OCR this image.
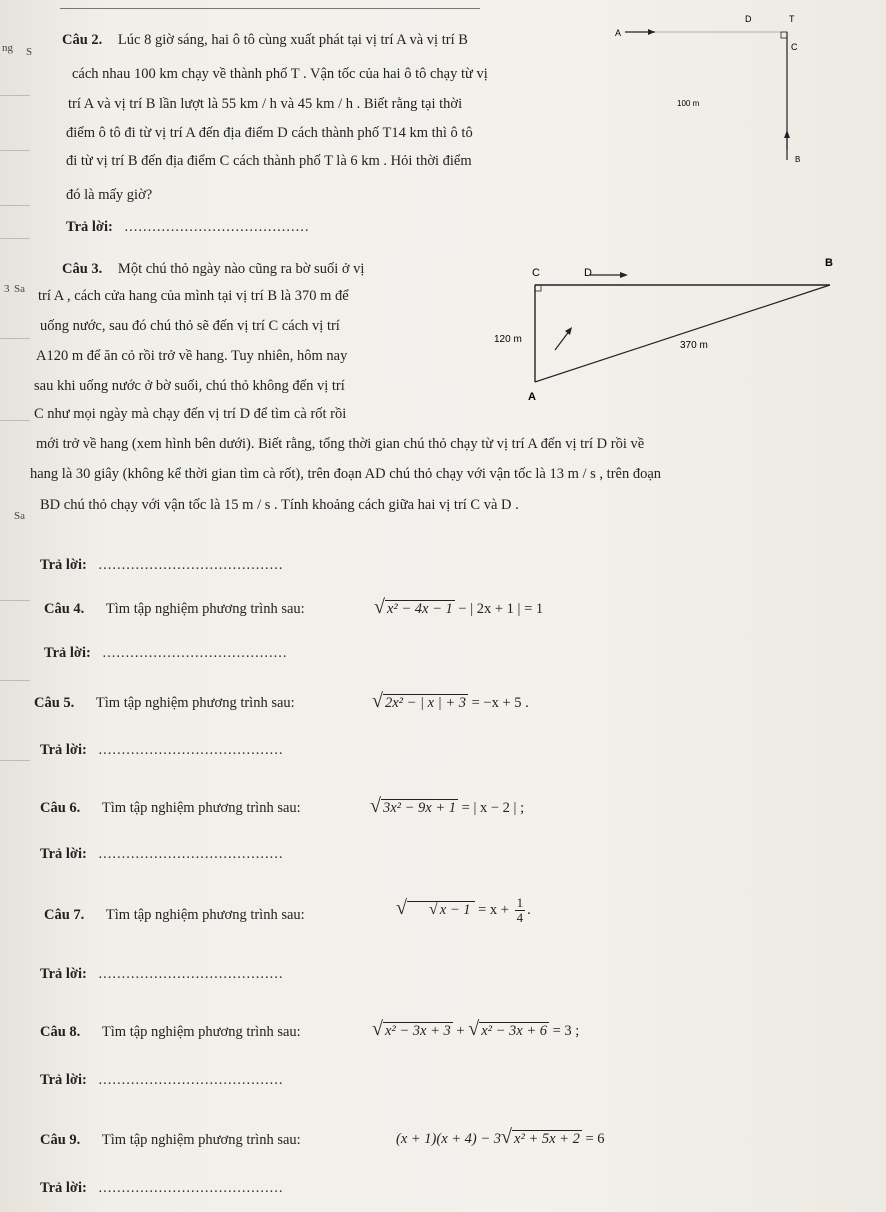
ng S
3 Sa
Sa
Câu 2. Lúc 8 giờ sáng, hai ô tô cùng xuất phát tại vị trí A và vị trí B
cách nhau 100 km chạy về thành phố T . Vận tốc của hai ô tô chạy từ vị
trí A và vị trí B lần lượt là 55 km / h và 45 km / h . Biết rằng tại thời
điểm ô tô đi từ vị trí A đến địa điểm D cách thành phố T14 km thì ô tô
đi từ vị trí B đến địa điểm C cách thành phố T là 6 km . Hỏi thời điểm
đó là mấy giờ?
Trả lời: ........................................
A
D	T
C
B
100 m
Câu 3. Một chú thỏ ngày nào cũng ra bờ suối ở vị
trí A , cách cửa hang của mình tại vị trí B là 370 m để
uống nước, sau đó chú thỏ sẽ đến vị trí C cách vị trí
A120 m để ăn cỏ rồi trở về hang. Tuy nhiên, hôm nay
sau khi uống nước ở bờ suối, chú thỏ không đến vị trí
C như mọi ngày mà chạy đến vị trí D để tìm cà rốt rồi
mới trở về hang (xem hình bên dưới). Biết rằng, tổng thời gian chú thỏ chạy từ vị trí A đến vị trí D rồi về
hang là 30 giây (không kể thời gian tìm cà rốt), trên đoạn AD chú thỏ chạy với vận tốc là 13 m / s , trên đoạn
BD chú thỏ chạy với vận tốc là 15 m / s . Tính khoảng cách giữa hai vị trí C và D .
Trả lời: ........................................
C	D
B
A
120 m
370 m
Câu 4. Tìm tập nghiệm phương trình sau:	√ x² − 4x − 1 − | 2x + 1 | = 1
Trả lời: ........................................
Câu 5. Tìm tập nghiệm phương trình sau:	√ 2x² − | x | + 3 = −x + 5 .
Trả lời: ........................................
Câu 6. Tìm tập nghiệm phương trình sau:	√ 3x² − 9x + 1 = | x − 2 | ;
Trả lời: ........................................
Câu 7. Tìm tập nghiệm phương trình sau:	√ √ $x - 1 = x + \frac{1}{4}$ .
Trả lời: ........................................
Câu 8. Tìm tập nghiệm phương trình sau:	√ x² − 3x + 3 + √ x² − 3x + 6 = 3 ;
Trả lời: ........................................
Câu 9. Tìm tập nghiệm phương trình sau:	(x + 1)(x + 4) − 3√ x² + 5x + 2 = 6
Trả lời: ........................................
